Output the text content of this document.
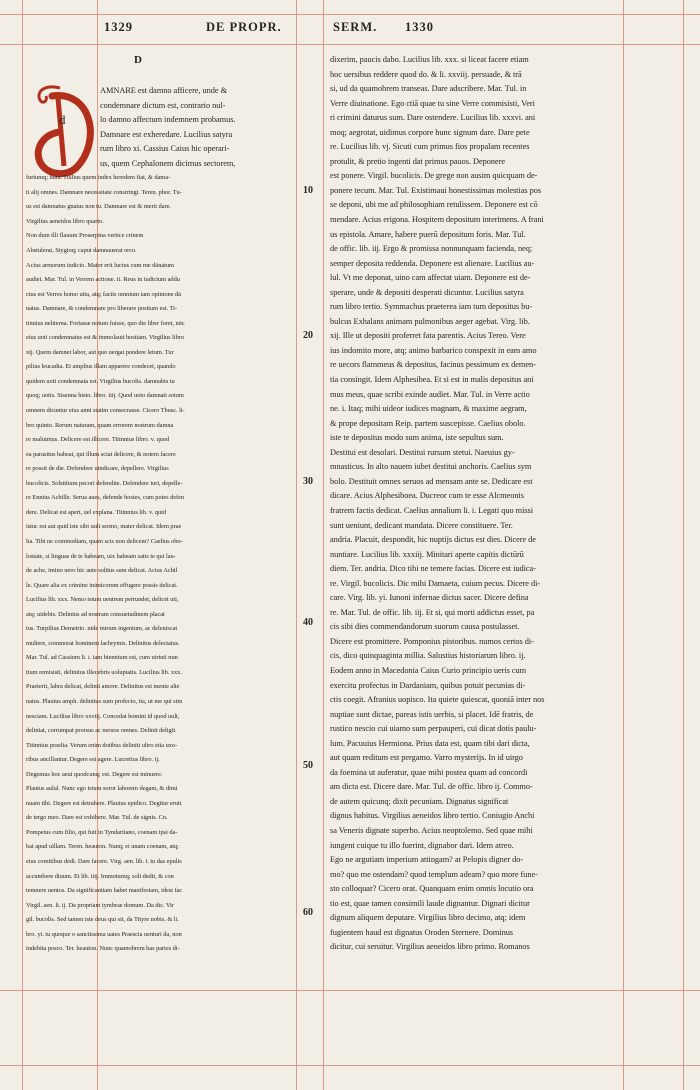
1329	DE PROPR.	SERM. 1330
D
d
AMNARE est damno afficere, unde &
condemnare dictum est, contrario nul-
lo damno affectum indemnem probamus.
Damnare est exheredare. Lucilius satyra
rum libro xi. Cassius Caius hic operari-
us, quem Cephalonem dicimus sectorem,
furiumq; hunc Tullius quem index heredem fiat, & dama-
ti alij omnes. Damnare necessitate constringi. Teren. phor. Tu-
us est damnatus gnatus non tu. Damnare est & merti dare.
Virgilius aeneidos libro quarto.
Non dum illi flauum Proserpina vertice crinem
Abstulerat, Stygioq; caput damnauerat orco.
Acius armorum iudicio. Maior erit luctus cum me dānatum
audiet. Mar. Tul. in Verrem actione. ii. Reus in iudicium addu
ctus est Verres homo uita, atq; factis omnium iam opinione dā
natus. Damnare, & condemnare pro liberare positum est. Ti-
tinnius neliterna. Fortasse notum fuisse, quo die liber foret, nūc
eius uoti condemnatus est & immolauit hostiam. Virgilius libro
xij. Quem damnet labor, aut quo uergat pondere letum. Tur
pilius leucadia. Et amplius illam apparere condecet, quando
quidem uoti condemnata est. Virgilius bucolis. damnabis tu
quoq; uotis. Sisenna histo. libro. iiij. Quod uoto damnati sotum
omnem dicuntur eius anni statim consecrasse. Cicero Thusc. li-
bro quinto. Rerum naturam, quam errorem nostrum damna
re maluimus. Delicere est illicere. Titinnius libro. v. quod
ea parasitus habeat, qui illum sciat delicere, & notem facere
re possit de die. Defendere uindicare, depellere. Virgilius
bucolicis. Solstitium pecori defendite. Defendere iuri, depelle-
re Ennius Achille. Serua aues, defende hostes, cum potes defen
dere. Delicat est aperi, uel explana. Titinnius lib. v. quid
istuc est aut quid iste sibi uult sermo, mater delicat. Idem prae
lia. Tibi ne commodiam, quam scis non delicem? Caelius obo-
lostate, si linguas de te habeam, uix habeam satis te qui lau-
de ache, imino uero hic ante solitus sum delicat. Acius Achil
le. Quare alia ex crimine inimicorum effugere possis delicat.
Lucilius lib. xxx. Nemo istum uentrem perrundet, delicet uti,
atq; uidebis. Delinius ad nostram consuetudinem placat
tus. Turpilius Demetrio. nide mirum ingenium, ac deleniscat
muliere, commorat hominem lachrymis. Delinitus delectatus.
Mar. Tul. ad Cassium li. i. iam biennium est, cum uirtuti nun
tium remisisti, delinitus illecebris uoluptatis. Lucilius lib. xxx.
Praeterit, labra delicat, delinit amore. Delinitus est mente alie
natus. Plautus amph. delinitus sum profecto, ita, ut me qui sim
nesciam. Lucilius libro xxviij. Concedat homini id quod uult,
deliniat, corrumpat prorsus ac neruos omnes. Delinit deligit.
Titinnius praelia. Verum enim dotibus deliniti ultro etia uxo-
ribus ancillantur. Degere est agere. Lucretius libro. ij.
Degemus hoc aeui quodcunq; est. Degere est minuere.
Plautus aulul. Nunc ego istum soror laborem degam, & dimi
nuam tibi. Degere est detrahere. Plautus epidico. Degitur eruit
de tergo meo. Dare est exhibere. Mar. Tul. de signis. Cn.
Pompeius cum filio, qui fuit in Tyndaritano, coenam ipsi da-
bat apud uillam. Teren. heauton. Nanq; ei unam coenam, atq;
eius comitibus dedi. Dare facere. Virg. aen. lib. i. tu das epulis
accumbere diuum. Et lib. iiij. Immotumq; soli dedit, & con
temnere uentos. Da significantiam habet manifestam, idest fac
Virgil. aen. li. ij. Da propriam tymbrae domum. Da dic. Vir
gil. bucolis. Sed tamen iste deus qui sit, da Tityre nobis. & li.
bro. yi. tu quoque o sanctissima uates Praescia uenturi da, non
indebita posco. Ter. heauton. Nunc quamobrem has partes di-
10
20
30
40
50
60
dixerim, paucis dabo. Lucilius lib. xxx. si liceat facere etiam
hoc uersibus reddere quod do. & li. xxviij. persuade, & trā
si, ud da quamobrem transeas. Dare adscribere. Mar. Tul. in
Verre diuinatione. Ego ctiā quae tu sine Verre commisisti, Veri
ri crimini daturus sum. Dare ostendere. Lucilius lib. xxxvi. ani
moq; aegrotat, uidimus corpore hunc signum dare. Dare pete
re. Lucilius lib. vj. Sicuti cum primus fios propalam recentes
protulit, & pretio ingenti dat primus pauos. Deponere
est ponere. Virgil. bucolicis. De grege non ausim quicquam de-
ponere tecum. Mar. Tul. Existimaui honestissimas molestias pos
se deponi, ubi me ad philosophiam retulissem. Deponere est cō
mendare. Acius erigona. Hospitem depositum interimens. A frani
us epistola. Amare, habere puerū depositum foris. Mar. Tul.
de offic. lib. iij. Ergo & promissa nonnunquam facienda, neq;
semper deposita reddenda. Deponere est alienare. Lucilius au-
lul. Vt me deponat, uino cam affectat uiam. Deponere est de-
sperare, unde & depositi desperati dicuntur. Lucilius satyra
rum libro tertio. Symmachus praeterea iam tum depositus bu-
bulcus Exhalans animam pulmonibus aeger agebat. Virg. lib.
xij. Ille ut depositi proferret fata parentis. Acius Tereo. Vere
ius indomito more, atq; animo barbarico conspexit in eam amo
re uecors flammeus & depositus, facinus pessimum ex demen-
tia consingit. Idem Alphesibea. Et si est in malis depositus ani
mus meus, quae scribi exinde audiet. Mar. Tul. in Verre actio
ne. i. Itaq; mihi uideor iudices magnam, & maxime aegram,
& prope depositam Reip. partem suscepisse. Caelius obolo.
iste te depositus modo sum anima, iste sepultus sum.
Destitui est desolari. Destitui rursum stetui. Naeuius gy-
mnasticus. In alto nauem iubet destitui anchoris. Caelius sym
bolo. Destituit omnes seruos ad mensam ante se. Dedicare est
dicare. Acius Alphesiboea. Ducreor cum te esse Alcmeonis
fratrem factis dedicat. Caelius annalium li. i. Legati quo missi
sunt ueniunt, dedicant mandata. Dicere constituere. Ter.
andria. Placuit, despondit, hic nuptijs dictus est dies. Dicere de
nuntiare. Lucilius lib. xxxiij. Minitari aperte capitis dictūrū
diem. Ter. andria. Dico tibi ne temere facias. Dicere est iudica-
re. Virgil. bucolicis. Dic mihi Damaeta, cuium pecus. Dicere di-
care. Virg. lib. yi. Iunoni infernae dictus sacer. Dicere defina
re. Mar. Tul. de offic. lib. iij. Et si, qui morti addictus esset, pa
cis sibi dies commendandorum suorum causa postulasset.
Dicere est promittere. Pomponius pistoribus. numos certos di-
cis, dico quinquaginta millia. Salustius historiarum libro. ij.
Eodem anno in Macedonia Caius Curio principio ueris cum
exercitu profectus in Dardaniam, quibus potuit pecunias di-
ctis coegit. Afranius uopisco. Ita quiete quiescat, quoniā inter nos
nuptiae sunt dictae, pareas istis uerbis, si placet. Idē fratris, de
rustico nescio cui uiamo sum perpauperi, cui dicat dotis paulu-
lum. Pacuuius Hermiona. Prius data est, quam tibi dari dicta,
aut quam reditum est pergamo. Varro mysterijs. In id uirgo
da foemina ut auferatur, quae mihi postea quam ad concordi
am dicta est. Dicere dare. Mar. Tul. de offic. libro ij. Commo-
de autem quicunq; dixit pecuniam. Dignatus significat
dignus habitus. Virgilius aeneidos libro tertio. Coniugio Anchi
sa Veneris dignate superbo. Acius neoptolemo. Sed quae mihi
iungent cuique tu illo fuerint, dignabor dari. Idem atreo.
Ego ne argutiam imperium attingam? at Pelopis digner do-
mo? quo me ostendam? quod templum adeam? quo more fune-
sto colloquar? Cicero orat. Quanquam enim omnis locutio ora
tio est, quae tamen consimili laude dignantur. Dignari dicitur
dignum aliquem deputare. Virgilius libro decimo, atq; idem
fugientem haud est dignatus Oroden Sternere. Dominus
dicitur, cui seruitur. Virgilius aeneidos libro primo. Romanos
